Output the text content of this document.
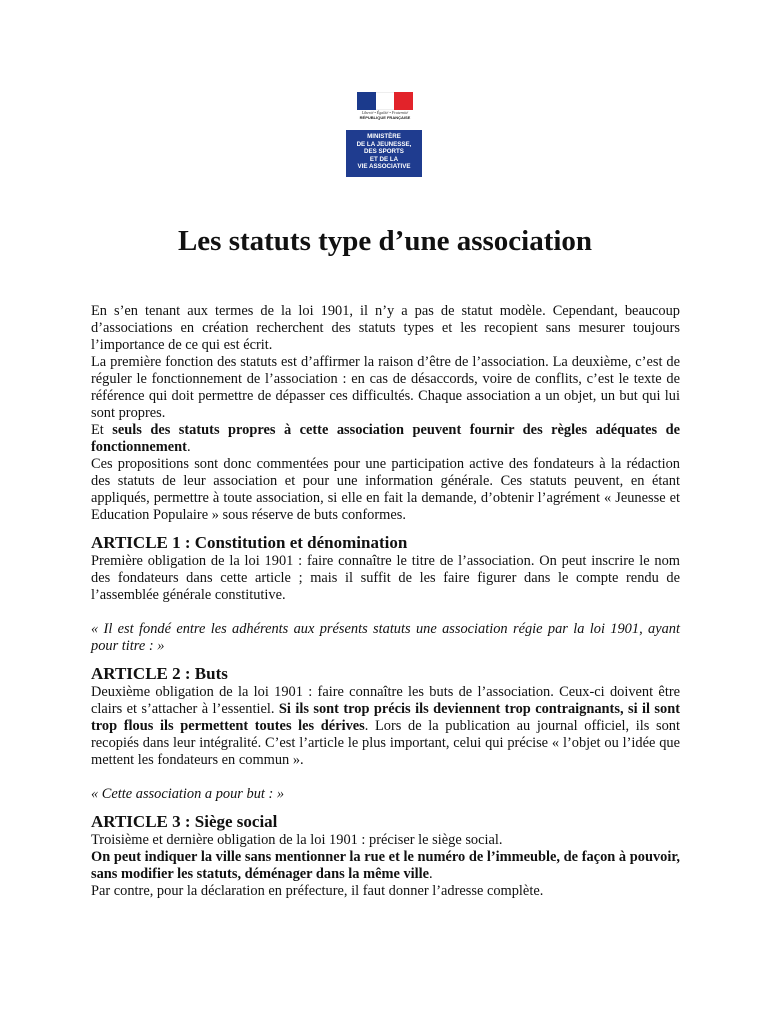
Liberté • Égalité • Fraternité
RÉPUBLIQUE FRANÇAISE
MINISTÈRE
DE LA JEUNESSE,
DES SPORTS
ET DE LA
VIE ASSOCIATIVE
Les statuts type d’une association

En s’en tenant aux termes de la loi 1901, il n’y a pas de statut modèle. Cependant, beaucoup d’associations en création recherchent des statuts types et les recopient sans mesurer toujours l’importance de ce qui est écrit.

La première fonction des statuts est d’affirmer la raison d’être de l’association. La deuxième, c’est de réguler le fonctionnement de l’association : en cas de désaccords, voire de conflits, c’est le texte de référence qui doit permettre de dépasser ces difficultés. Chaque association a un objet, un but qui lui sont propres.

Et seuls des statuts propres à cette association peuvent fournir des règles adéquates de fonctionnement.

Ces propositions sont donc commentées pour une participation active des fondateurs à la rédaction des statuts de leur association et pour une information générale. Ces statuts peuvent, en étant appliqués, permettre à toute association, si elle en fait la demande, d’obtenir l’agrément « Jeunesse et Education Populaire » sous réserve de buts conformes.

ARTICLE 1 : Constitution et dénomination

Première obligation de la loi 1901 : faire connaître le titre de l’association. On peut inscrire le nom des fondateurs dans cette article ; mais il suffit de les faire figurer dans le compte rendu de l’assemblée générale constitutive.

« Il est fondé entre les adhérents aux présents statuts une association régie par la loi 1901, ayant pour titre : »

ARTICLE 2 : Buts

Deuxième obligation de la loi 1901 : faire connaître les buts de l’association. Ceux-ci doivent être clairs et s’attacher à l’essentiel. Si ils sont trop précis ils deviennent trop contraignants, si il sont trop flous ils permettent toutes les dérives. Lors de la publication au journal officiel, ils sont recopiés dans leur intégralité. C’est l’article le plus important, celui qui précise « l’objet ou l’idée que mettent les fondateurs en commun ».

« Cette association a pour but : »

ARTICLE 3 : Siège social

Troisième et dernière obligation de la loi 1901 : préciser le siège social.

On peut indiquer la ville sans mentionner la rue et le numéro de l’immeuble, de façon à pouvoir, sans modifier les statuts, déménager dans la même ville.

Par contre, pour la déclaration en préfecture, il faut donner l’adresse complète.
